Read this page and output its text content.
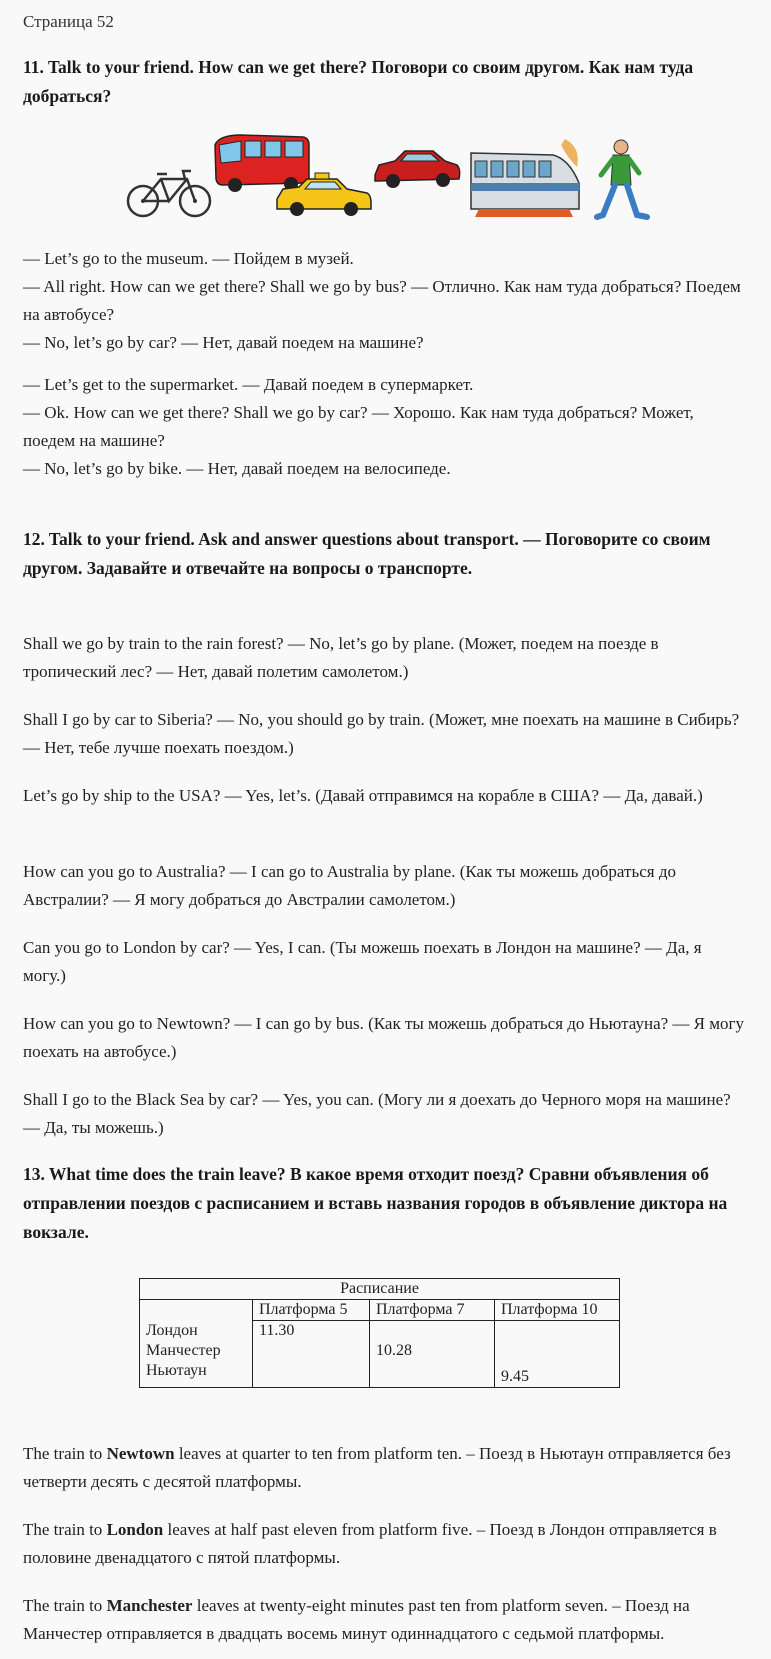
Страница 52

11. Talk to your friend. How can we get there? Поговори со своим другом. Как нам туда добраться?

— Let’s go to the museum. — Пойдем в музей.

— All right. How can we get there? Shall we go by bus? — Отлично. Как нам туда добраться? Поедем на автобусе?

— No, let’s go by car? — Нет, давай поедем на машине?

— Let’s get to the supermarket. — Давай поедем в супермаркет.

— Ok. How can we get there? Shall we go by car? — Хорошо. Как нам туда добраться? Может, поедем на машине?

— No, let’s go by bike. — Нет, давай поедем на велосипеде.

12. Talk to your friend. Ask and answer questions about transport. — Поговорите со своим другом. Задавайте и отвечайте на вопросы о транспорте.

Shall we go by train to the rain forest? — No, let’s go by plane. (Может, поедем на поезде в тропический лес? — Нет, давай полетим самолетом.)

Shall I go by car to Siberia? — No, you should go by train. (Может, мне поехать на машине в Сибирь? — Нет, тебе лучше поехать поездом.)

Let’s go by ship to the USA? — Yes, let’s. (Давай отправимся на корабле в США? — Да, давай.)

How can you go to Australia? — I can go to Australia by plane. (Как ты можешь добраться до Австралии? — Я могу добраться до Австралии самолетом.)

Can you go to London by car? — Yes, I can. (Ты можешь поехать в Лондон на машине? — Да, я могу.)

How can you go to Newtown? — I can go by bus. (Как ты можешь добраться до Ньютауна? — Я могу поехать на автобусе.)

Shall I go to the Black Sea by car? — Yes, you can. (Могу ли я доехать до Черного моря на машине? — Да, ты можешь.)

13. What time does the train leave? В какое время отходит поезд? Сравни объявления об отправлении поездов с расписанием и вставь названия городов в объявление диктора на вокзале.
Расписание			
	Платформа 5	Платформа 7	Платформа 10
Лондон	11.30		
Манчестер		10.28	
Ньютаун			9.45

The train to Newtown leaves at quarter to ten from platform ten. – Поезд в Ньютаун отправляется без четверти десять с десятой платформы.

The train to London leaves at half past eleven from platform five. – Поезд в Лондон отправляется в половине двенадцатого с пятой платформы.

The train to Manchester leaves at twenty-eight minutes past ten from platform seven. – Поезд на Манчестер отправляется в двадцать восемь минут одиннадцатого с седьмой платформы.
